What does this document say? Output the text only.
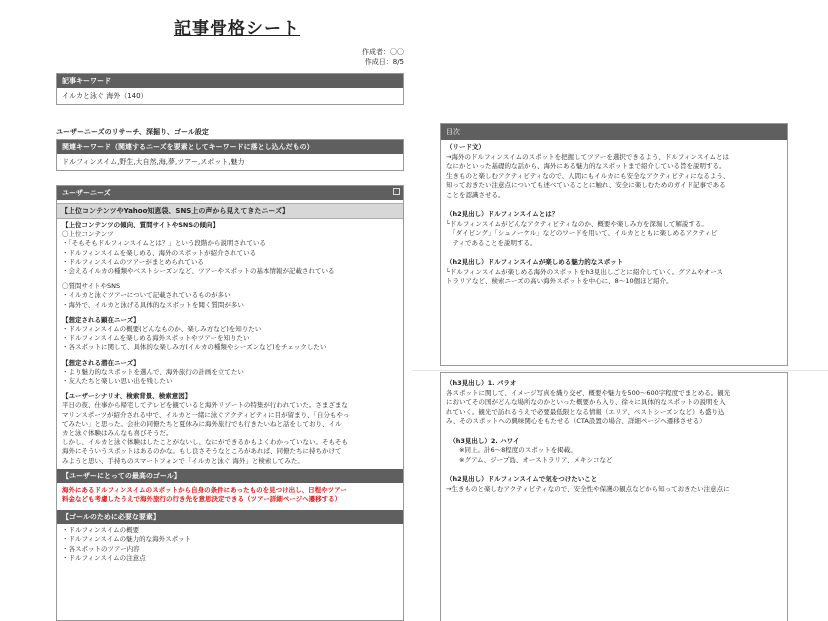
記事骨格シート
作成者：〇〇
作成日：8/5
記事キーワード
イルカと泳ぐ 海外（140）
ユーザーニーズのリサーチ、深掘り、ゴール設定
関連キーワード（関連するニーズを要素としてキーワードに落とし込んだもの）
ドルフィンスイム,野生,大自然,海,夢,ツアー,スポット,魅力
ユーザーニーズ
【上位コンテンツやYahoo知恵袋、SNS上の声から見えてきたニーズ】
【上位コンテンツの傾向、質問サイトやSNSの傾向】
〇上位コンテンツ
・「そもそもドルフィンスイムとは？」という段階から説明されている
・ドルフィンスイムを楽しめる、海外のスポットが紹介されている
・ドルフィンスイムのツアーがまとめられている
・会えるイルカの種類やベストシーズンなど、ツアーやスポットの基本情報が記載されている
〇質問サイトやSNS
・イルカと泳ぐツアーについて記載されているものが多い
・海外で、イルカと泳げる具体的なスポットを聞く質問が多い
【想定される顕在ニーズ】
・ドルフィンスイムの概要(どんなものか、楽しみ方など)を知りたい
・ドルフィンスイムを楽しめる海外スポットやツアーを知りたい
・各スポットに関して、具体的な楽しみ方(イルカの種類やシーズンなど)をチェックしたい
【想定される潜在ニーズ】
・より魅力的なスポットを選んで、海外旅行の計画を立てたい
・友人たちと楽しい思い出を残したい
【ユーザーシナリオ、検索背景、検索意図】
平日の夜、仕事から帰宅してテレビを観ていると海外リゾートの特集が行われていた。さまざまな
マリンスポーツが紹介される中で、イルカと一緒に泳ぐアクティビティに目が留まり、「自分もやっ
てみたい」と思った。会社の同僚たちと夏休みに海外旅行でも行きたいねと話をしており、イル
カと泳ぐ体験はみんなも喜びそうだ。
しかし、イルカと泳ぐ体験はしたことがないし、なにができるかもよくわかっていない。そもそも
海外にそういうスポットはあるのかな。もし良さそうなところがあれば、同僚たちに持ちかけて
みようと思い、手持ちのスマートフォンで「イルカと泳ぐ 海外」と検索してみた。
【ユーザーにとっての最高のゴール】
海外にあるドルフィンスイムのスポットから自身の条件にあったものを見つけ出し、日程やツアー
料金なども考慮したうえで海外旅行の行き先を意思決定できる（ツアー詳細ページへ遷移する）
【ゴールのために必要な要素】
・ドルフィンスイムの概要
・ドルフィンスイムの魅力的な海外スポット
・各スポットのツアー内容
・ドルフィンスイムの注意点
目次
（リード文）
→海外のドルフィンスイムのスポットを把握してツアーを選択できるよう、ドルフィンスイムとは
なにかといった基礎的な話から、海外にある魅力的なスポットまで紹介している旨を説明する。
生きものと楽しむアクティビティなので、人間にもイルカにも安全なアクティビティになるよう、
知っておきたい注意点についても述べていることに触れ、安全に楽しむためのガイド記事である
ことを認識させる。

（h2見出し）ドルフィンスイムとは？
└ドルフィンスイムがどんなアクティビティなのか、概要や楽しみ方を深堀して解説する。
　「ダイビング」「シュノーケル」などのワードを用いて、イルカとともに楽しめるアクティビ
　ティであることを説明する。

（h2見出し）ドルフィンスイムが楽しめる魅力的なスポット
└ドルフィンスイムが楽しめる海外のスポットをh3見出しごとに紹介していく。グアムやオース
トラリアなど、検索ニーズの高い海外スポットを中心に、8〜10個ほど紹介。
（h3見出し）1. パラオ
各スポットに関して、イメージ写真を織り交ぜ、概要や魅力を500〜600字程度でまとめる。観光
においてその国がどんな場所なのかといった概要から入り、徐々に具体的なスポットの説明を入
れていく。観光で訪れるうえで必要最低限となる情報（エリア、ベストシーズンなど）も盛り込
み、そのスポットへの興味関心をもたせる（CTA設置の場合、詳細ページへ遷移させる）

　（h3見出し）2. ハワイ
　　※同上。計6〜8程度のスポットを掲載。
　　※グアム、ジープ島、オーストラリア、メキシコなど

（h2見出し）ドルフィンスイムで気をつけたいこと
→生きものと楽しむアクティビティなので、安全性や保護の観点などから知っておきたい注意点に
